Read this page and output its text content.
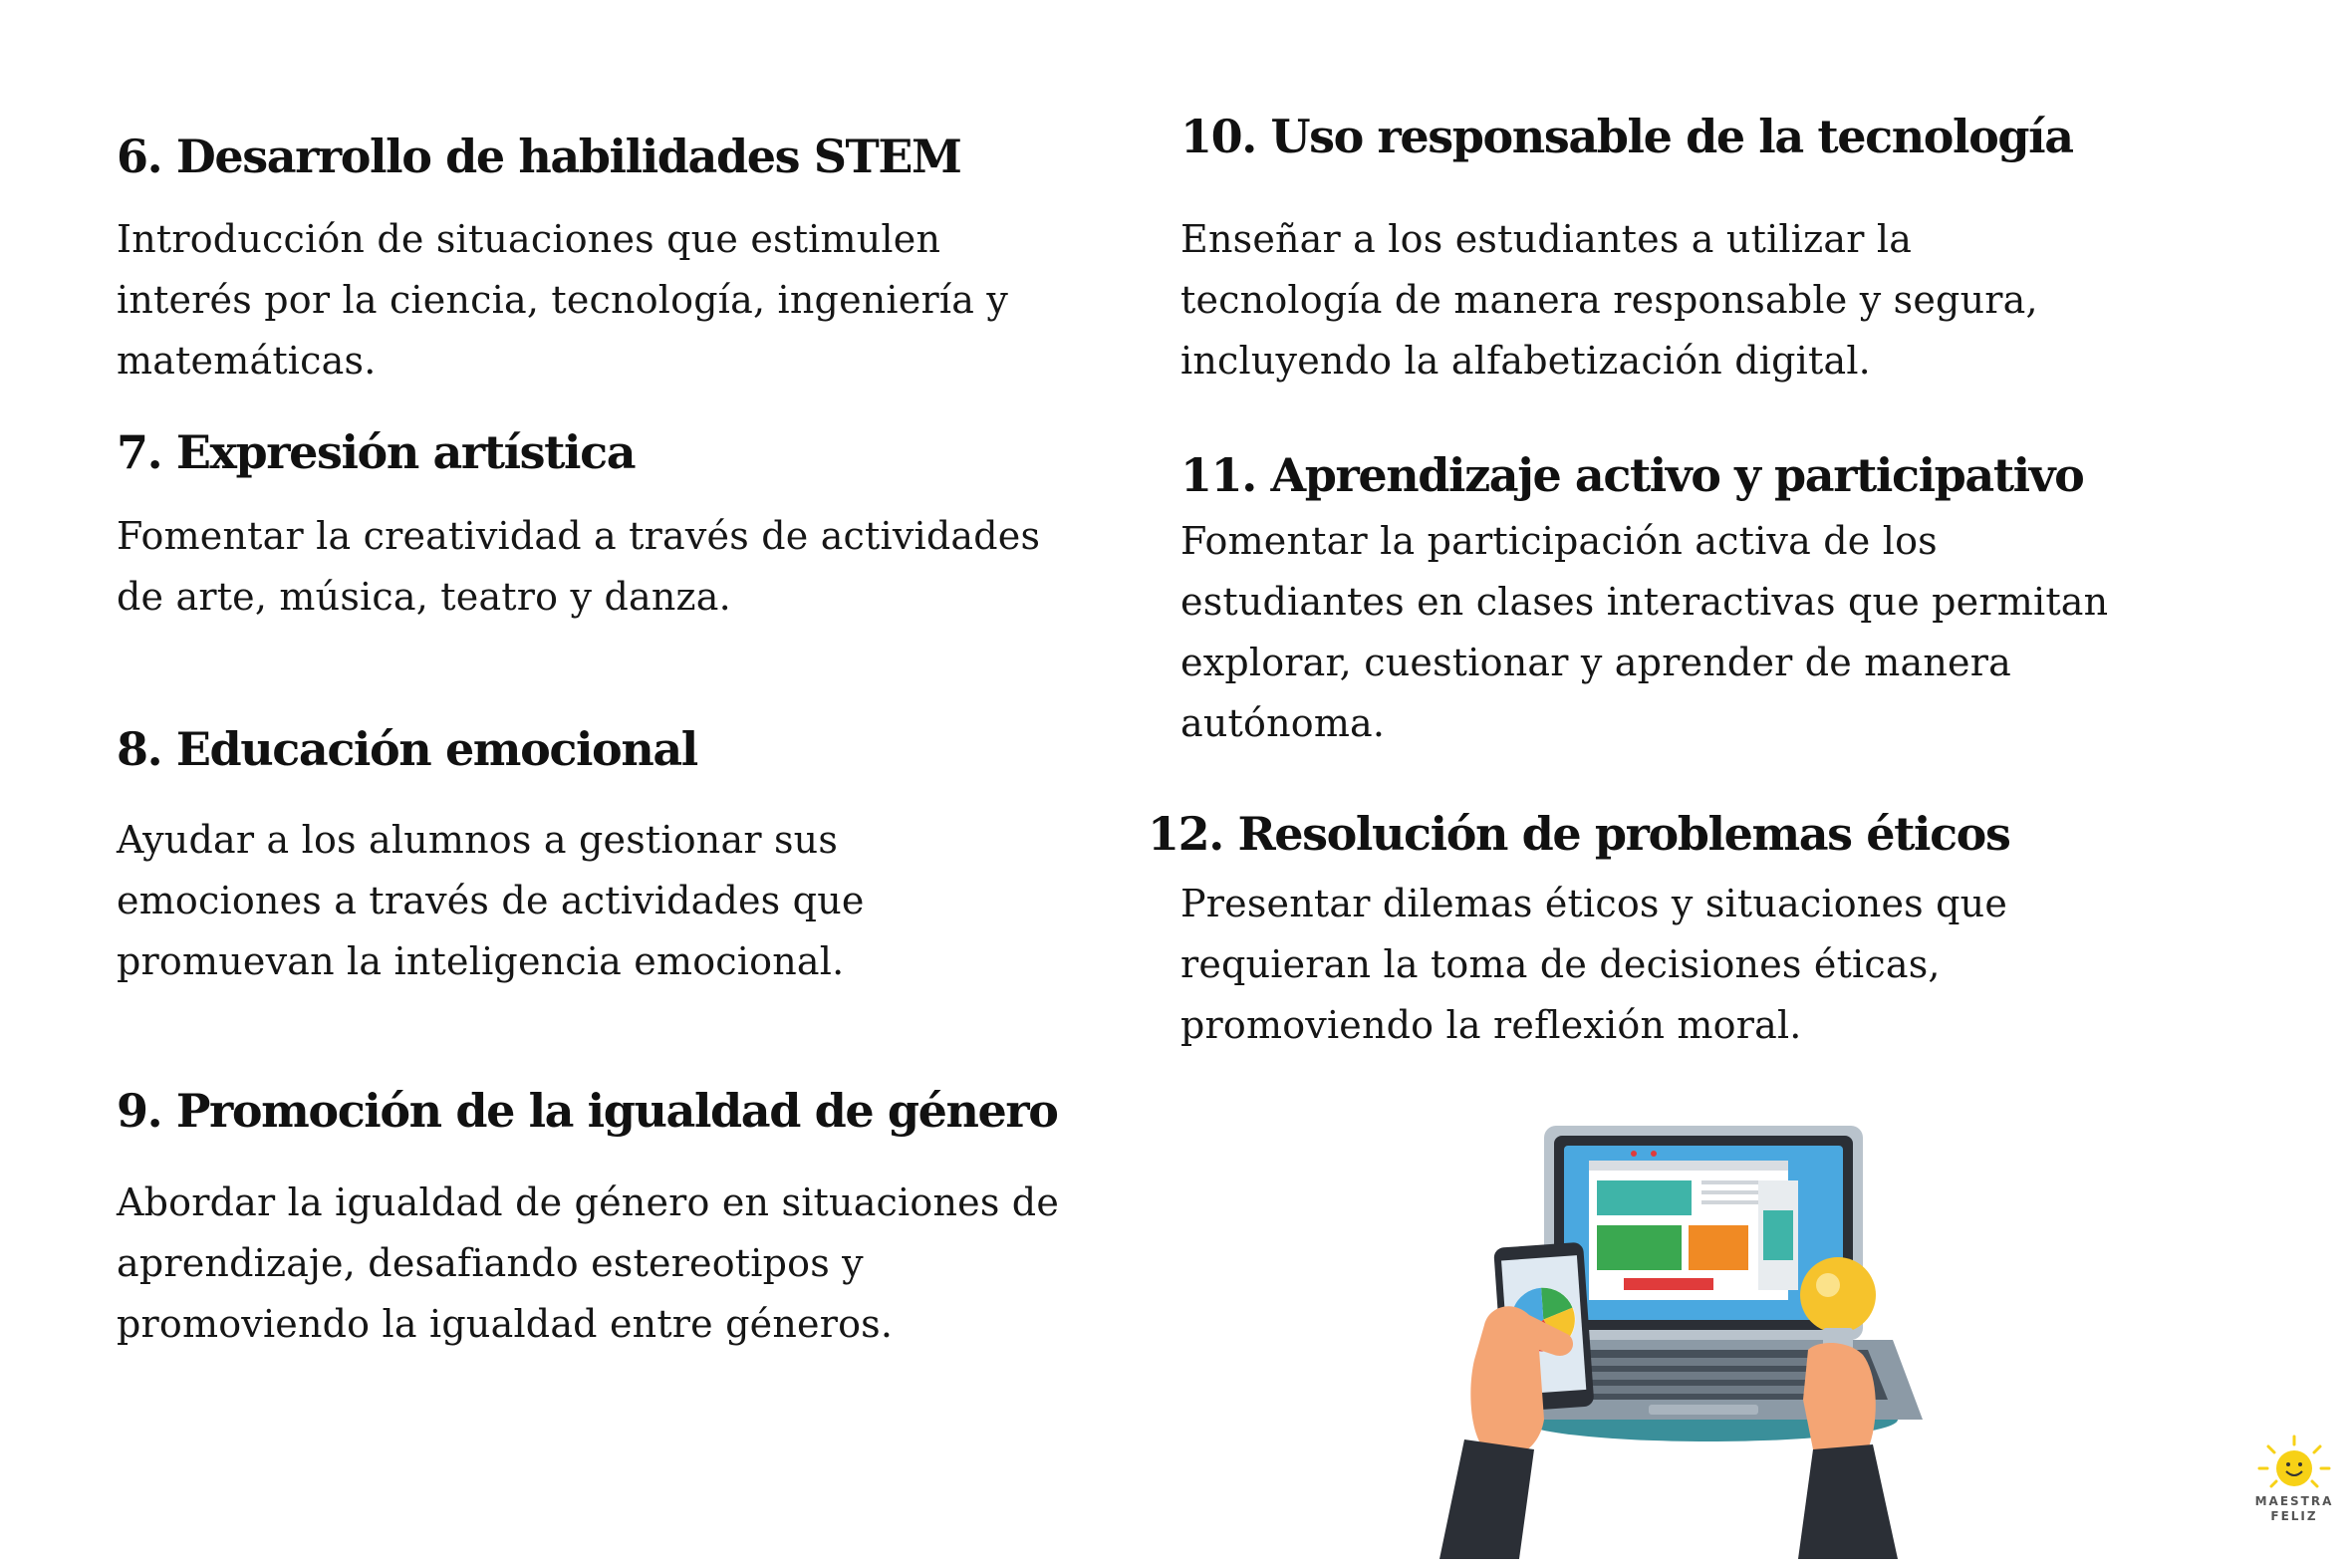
6. Desarrollo de habilidades STEM

Introducción de situaciones que estimulen
interés por la ciencia, tecnología, ingeniería y
matemáticas.

7. Expresión artística

Fomentar la creatividad a través de actividades
de arte, música, teatro y danza.

8. Educación emocional

Ayudar a los alumnos a gestionar sus
emociones a través de actividades que
promuevan la inteligencia emocional.

9. Promoción de la igualdad de género

Abordar la igualdad de género en situaciones de
aprendizaje, desafiando estereotipos y
promoviendo la igualdad entre géneros.

10. Uso responsable de la tecnología

Enseñar a los estudiantes a utilizar la
tecnología de manera responsable y segura,
incluyendo la alfabetización digital.

11. Aprendizaje activo y participativo

Fomentar la participación activa de los
estudiantes en clases interactivas que permitan
explorar, cuestionar y aprender de manera
autónoma.

12. Resolución de problemas éticos

Presentar dilemas éticos y situaciones que
requieran la toma de decisiones éticas,
promoviendo la reflexión moral.

MAESTRA
FELIZ
